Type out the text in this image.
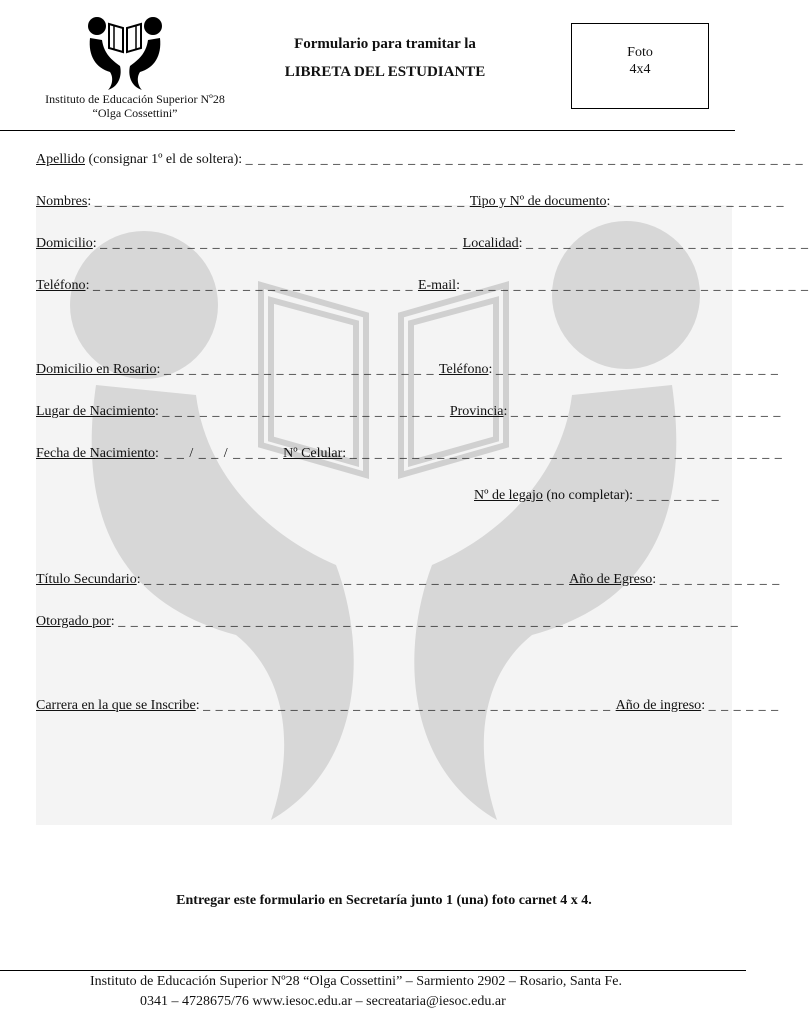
Instituto de Educación Superior Nº28
“Olga Cossettini”
Formulario para tramitar la
LIBRETA DEL ESTUDIANTE
Foto
4x4
Apellido (consignar 1º el de soltera): _ _ _ _ _ _ _ _ _ _ _ _ _ _ _ _ _ _ _ _ _ _ _ _ _ _ _ _ _ _ _ _ _ _ _ _ _ _ _ _ _ _ _ _ _
Nombres: _ _ _ _ _ _ _ _ _ _ _ _ _ _ _ _ _ _ _ _ _ _ _ _ _ _ _ _ _ _ Tipo y Nº de documento: _ _ _ _ _ _ _ _ _ _ _ _ _ _
Domicilio: _ _ _ _ _ _ _ _ _ _ _ _ _ _ _ _ _ _ _ _ _ _ _ _ _ _ _ _ _ Localidad: _ _ _ _ _ _ _ _ _ _ _ _ _ _ _ _ _ _ _ _ _ _ _
Teléfono: _ _ _ _ _ _ _ _ _ _ _ _ _ _ _ _ _ _ _ _ _ _ _ _ _ _ E-mail: _ _ _ _ _ _ _ _ _ _ _ _ _ _ _ _ _ _ _ _ _ _ _ _ _ _ _ _
Domicilio en Rosario: _ _ _ _ _ _ _ _ _ _ _ _ _ _ _ _ _ _ _ _ _ _ Teléfono: _ _ _ _ _ _ _ _ _ _ _ _ _ _ _ _ _ _ _ _ _ _ _
Lugar de Nacimiento: _ _ _ _ _ _ _ _ _ _ _ _ _ _ _ _ _ _ _ _ _ _ _ Provincia: _ _ _ _ _ _ _ _ _ _ _ _ _ _ _ _ _ _ _ _ _ _
Fecha de Nacimiento: _ _ / _ _ / _ _ _ _ Nº Celular: _ _ _ _ _ _ _ _ _ _ _ _ _ _ _ _ _ _ _ _ _ _ _ _ _ _ _ _ _ _ _ _ _ _ _
Nº de legajo (no completar): _ _ _ _ _ _ _
Título Secundario: _ _ _ _ _ _ _ _ _ _ _ _ _ _ _ _ _ _ _ _ _ _ _ _ _ _ _ _ _ _ _ _ _ _ Año de Egreso: _ _ _ _ _ _ _ _ _ _
Otorgado por: _ _ _ _ _ _ _ _ _ _ _ _ _ _ _ _ _ _ _ _ _ _ _ _ _ _ _ _ _ _ _ _ _ _ _ _ _ _ _ _ _ _ _ _ _ _ _ _ _ _
Carrera en la que se Inscribe: _ _ _ _ _ _ _ _ _ _ _ _ _ _ _ _ _ _ _ _ _ _ _ _ _ _ _ _ _ _ _ _ _ Año de ingreso: _ _ _ _ _ _
Entregar este formulario en Secretaría junto 1 (una) foto carnet 4 x 4.
Instituto de Educación Superior Nº28 “Olga Cossettini” – Sarmiento 2902 – Rosario, Santa Fe.
0341 – 4728675/76 www.iesoc.edu.ar – secreataria@iesoc.edu.ar
